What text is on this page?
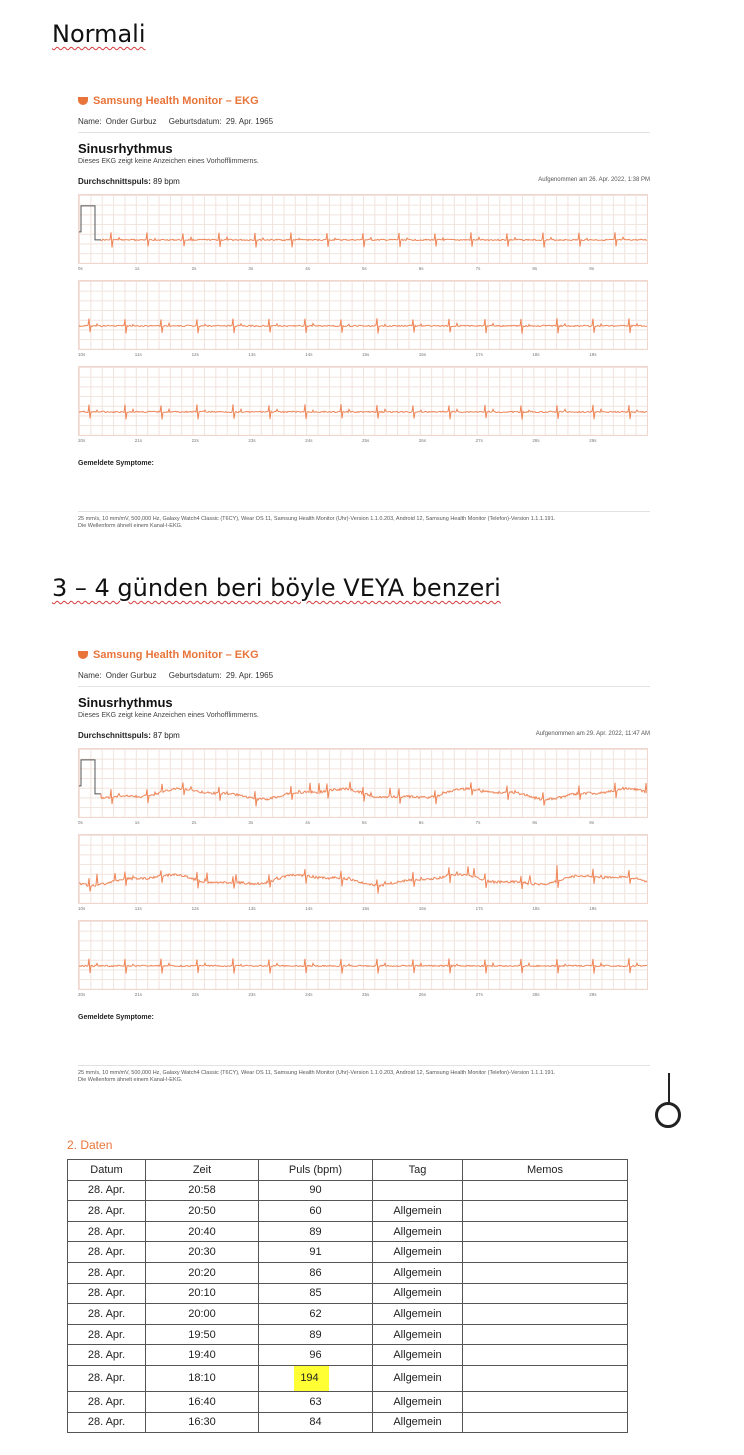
Normali
Samsung Health Monitor – EKG
Name: Onder Gurbuz Geburtsdatum: 29. Apr. 1965
Sinusrhythmus
Dieses EKG zeigt keine Anzeichen eines Vorhofflimmerns.
Durchschnittspuls: 89 bpm	Aufgenommen am 26. Apr. 2022, 1:38 PM
0s	1s	2s	3s	4s	5s	6s	7s	8s	9s
10s	11s	12s	13s	14s	15s	16s	17s	18s	19s
20s	21s	22s	23s	24s	25s	26s	27s	28s	29s
Gemeldete Symptome:
25 mm/s, 10 mm/mV, 500,000 Hz, Galaxy Watch4 Classic (T6CY), Wear OS 11, Samsung Health Monitor (Uhr)-Version 1.1.0.203, Android 12, Samsung Health Monitor (Telefon)-Version 1.1.1.191.
Die Wellenform ähnelt einem Kanal-I-EKG.
3 – 4 günden beri böyle VEYA benzeri
Samsung Health Monitor – EKG
Name: Onder Gurbuz Geburtsdatum: 29. Apr. 1965
Sinusrhythmus
Dieses EKG zeigt keine Anzeichen eines Vorhofflimmerns.
Durchschnittspuls: 87 bpm	Aufgenommen am 29. Apr. 2022, 11:47 AM
0s	1s	2s	3s	4s	5s	6s	7s	8s	9s
10s	11s	12s	13s	14s	15s	16s	17s	18s	19s
20s	21s	22s	23s	24s	25s	26s	27s	28s	29s
Gemeldete Symptome:
25 mm/s, 10 mm/mV, 500,000 Hz, Galaxy Watch4 Classic (T6CY), Wear OS 11, Samsung Health Monitor (Uhr)-Version 1.1.0.203, Android 12, Samsung Health Monitor (Telefon)-Version 1.1.1.191.
Die Wellenform ähnelt einem Kanal-I-EKG.
2. Daten
Datum	Zeit	Puls (bpm)	Tag	Memos
28. Apr.	20:58	90		
28. Apr.	20:50	60	Allgemein	
28. Apr.	20:40	89	Allgemein	
28. Apr.	20:30	91	Allgemein	
28. Apr.	20:20	86	Allgemein	
28. Apr.	20:10	85	Allgemein	
28. Apr.	20:00	62	Allgemein	
28. Apr.	19:50	89	Allgemein	
28. Apr.	19:40	96	Allgemein	
28. Apr.	18:10	194	Allgemein	
28. Apr.	16:40	63	Allgemein	
28. Apr.	16:30	84	Allgemein	
